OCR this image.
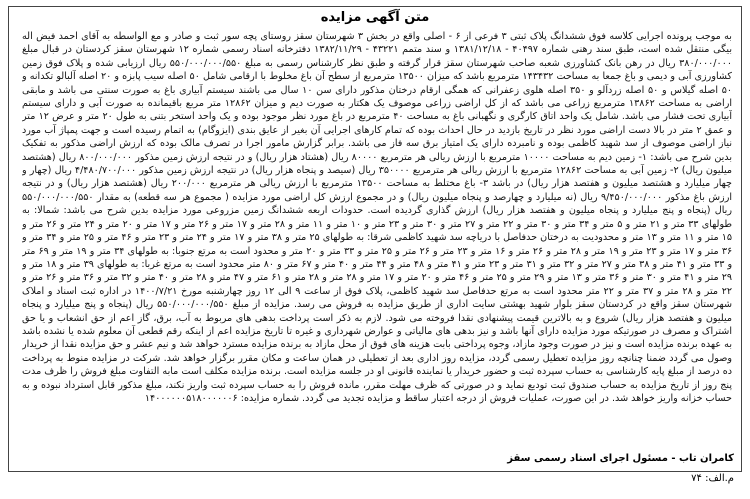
متن آگهی مزایده

به موجب پرونده اجرایی کلاسه فوق ششدانگ پلاک ثبتی ۳ فرعی از ۶ - اصلی واقع در بخش ۳ شهرستان سقز روستای پچه سور ثبت و صادر و مع الواسطه به آقای احمد فیض اله بیگی منتقل شده است، طبق سند رهنی شماره ۴۰۴۹۷ - ۱۳۸۱/۱۲/۱۸ و سند متمم ۴۳۲۲۱ - ۱۳۸۲/۱۱/۲۹ دفترخانه اسناد رسمی شماره ۱۲ شهرستان سقز کردستان در قبال مبلغ ۳۸۰/۰۰۰/۰۰۰ ریال در رهن بانک کشاورزی شعبه صاحب شهرستان سقز قرار گرفته و طبق نظر کارشناس رسمی به مبلغ ۵۵۰/۰۰۰/۰۰۰/۵۵۰ ریال ارزیابی شده و پلاک فوق زمین کشاورزی آبی و دیمی و باغ جمعا به مساحت ۱۴۳۴۳۲ مترمربع باشد که میزان ۱۳۵۰۰ مترمربع از سطح آن باغ مخلوط با ارقامی شامل ۵۰ اصله سیب پابزه و ۲۰ اصله آلبالو تکدانه و ۵۰ اصله گیلاس و ۵۰ اصله زردآلو و ۳۵۰ اصله هلوی زعفرانی که همگی ارقام درختان مذکور دارای سن ۱۰ سال می باشند سیستم آبیاری باغ به صورت سنتی می باشد و مابقی اراضی به مساحت ۱۳۸۶۲ مترمربع زراعی می باشد که از کل اراضی زراعی موصوف یک هکتار به صورت دیم و میزان ۱۲۸۶۲ متر مربع باقیمانده به صورت آبی و دارای سیستم آبیاری تحت فشار می باشد. شامل یک واحد اتاق کارگری و نگهبانی باغ به مساحت ۴۰ مترمربع در باغ مورد نظر موجود بوده و یک واحد استخر بتنی به طول ۲۰ متر و عرض ۱۲ متر و عمق ۲ متر در بالا دست اراضی مورد نظر در تاریخ بازدید در حال احداث بوده که تمام کارهای اجرایی آن بغیر از عایق بندی (ایزوگام) به اتمام رسیده است و جهت پمپاژ آب مورد نیاز اراضی موصوف از سد شهید کاظمی بوده و نامبرده دارای یک امتیاز برق سه فاز می باشد. برابر گزارش مامور اجرا در تصرف مالک بوده که ارزش اراضی مذکور به تفکیک بدین شرح می باشد: ۱- زمین دیم به مساحت ۱۰۰۰۰ مترمربع با ارزش ریالی هر مترمربع ۸۰۰۰۰ ریال (هشتاد هزار ریال) و در نتیجه ارزش زمین مذکور ۸۰۰/۰۰۰/۰۰۰ ریال (هشتصد میلیون ریال) ۲- زمین آبی به مساحت ۱۲۸۶۲ مترمربع با ارزش ریالی هر مترمربع ۳۵۰۰۰۰ ریال (سیصد و پنجاه هزار ریال) در نتیجه ارزش زمین مذکور ۴/۴۸۰/۷۰۰/۰۰۰ ریال (چهار و چهار میلیارد و هشتصد میلیون و هفتصد هزار ریال) در باشد ۳- باغ مختلط به مساحت ۱۳۵۰۰ مترمربع با ارزش ریالی هر مترمربع ۲۰۰/۰۰۰ ریال (هشتصد هزار ریال) و در نتیجه ارزش باغ مذکور ۹/۴۵۰/۰۰۰/۰۰۰ ریال (نه میلیارد و چهارصد و پنجاه میلیون ریال) و در مجموع ارزش کل اراضی مورد مزایده ( مجموع هر سه قطعه) به مقدار ۵۵۰/۰۰۰/۰۰۰/۵۵۰ ریال (پنجاه و پنج میلیارد و پنجاه میلیون و هفتصد هزار ریال) ارزش گذاری گردیده است. حدودات اربعه ششدانگ زمین مزروعی مورد مزایده بدین شرح می باشد: شمالا: به طولهای ۳۳ متر و ۲۱ متر و ۵ متر و ۳۴ متر و ۳۰ متر و ۲۲ متر و ۲۷ متر و ۳۰ متر و ۲۳ متر و ۱۰ متر و ۱۱ متر و ۲۸ متر و ۱۷ متر و ۲۶ متر و ۱۷ متر و ۲۰ متر و ۲۴ متر و ۲۶ متر و ۱۵ متر و ۱۱ متر و ۱۳ متر و محدودیت به درختان حدفاصل با دریاچه سد شهید کاظمی شرقا: به طولهای ۲۵ متر و ۳۸ متر و ۱۷ متر و ۲۴ متر و ۲۳ متر و ۴۶ متر و ۲۵ متر و ۳۴ متر و ۳۶ متر و ۱۷ متر و ۲۳ متر و ۱۹ متر و ۲۸ متر و ۲۶ متر و ۱۶ متر و ۲۳ متر و ۲۶ متر و ۲۵ متر و ۳۳ متر و ۲۰ متر و محدود است به مرتع جنوبا: به طولهای ۳۴ متر و ۱۹ متر و ۶۹ متر و ۳۳ متر و ۴۱ متر و ۳۸ متر و ۲۷ متر و ۳۲ متر و ۳۱ متر و ۲۳ متر و ۴۱ متر و ۴۸ متر و ۴۴ متر و ۴۰ متر و ۶۷ متر و ۸۰ متر محدود است به مرتع غربا: به طولهای ۳۹ متر و ۱۸ متر و ۲۹ متر و ۴۱ متر و ۳۰ متر و ۳۶ متر و ۱۳ متر و ۲۹ متر و ۲۵ متر و ۴۶ متر و ۲۰ متر و ۱۷ متر و ۲۸ متر و ۲۸ متر و ۶۱ متر و ۴۷ متر و ۲۸ متر و ۴۰ متر و ۳۲ متر و ۳۶ متر و ۲۶ متر و ۲۲ متر و ۲۸ متر و ۳۷ متر و ۲۲ متر محدود است به مرتع حدفاصل سد شهید کاظمی، پلاک فوق از ساعت ۹ الی ۱۲ روز چهارشنبه مورخ ۱۴۰۰/۷/۲۱ در اداره ثبت اسناد و املاک شهرستان سقز واقع در کردستان سقز بلوار شهید بهشتی سایت اداری از طریق مزایده به فروش می رسد. مزایده از مبلغ ۵۵۰/۰۰۰/۰۰۰/۵۵۰ ریال (پنجاه و پنج میلیارد و پنجاه میلیون و هفتصد هزار ریال) شروع و به بالاترین قیمت پیشنهادی نقدا فروخته می شود. لازم به ذکر است پرداخت بدهی های مربوط به آب، برق، گاز اعم از حق انشعاب و یا حق اشتراک و مصرف در صورتیکه مورد مزایده دارای آنها باشد و نیز بدهی های مالیاتی و عوارض شهرداری و غیره تا تاریخ مزایده اعم از اینکه رقم قطعی آن معلوم شده یا نشده باشد به عهده برنده مزایده است و نیز در صورت وجود مازاد، وجوه پرداختی بابت هزینه های فوق از محل مازاد به برنده مزایده مسترد خواهد شد و نیم عشر و حق مزایده نقدا از خریدار وصول می گردد ضمنا چنانچه روز مزایده تعطیل رسمی گردد، مزایده روز اداری بعد از تعطیلی در همان ساعت و مکان مقرر برگزار خواهد شد. شرکت در مزایده منوط به پرداخت ده درصد از مبلغ پایه کارشناسی به حساب سپرده ثبت و حضور خریدار یا نماینده قانونی او در جلسه مزایده است. برنده مزایده مکلف است مابه التفاوت مبلغ فروش را ظرف مدت پنج روز از تاریخ مزایده به حساب صندوق ثبت تودیع نماید و در صورتی که ظرف مهلت مقرر، مانده فروش را به حساب سپرده ثبت واریز نکند، مبلغ مذکور قابل استرداد نبوده و به حساب خزانه واریز خواهد شد. در این صورت، عملیات فروش از درجه اعتبار ساقط و مزایده تجدید می گردد. شماره مزایده: ۱۴۰۰۰۰۰۰۵۱۸۰۰۰۰۰۰۶

کامران تاب - مسئول اجرای اسناد رسمی سقز
م.الف: ۷۴
